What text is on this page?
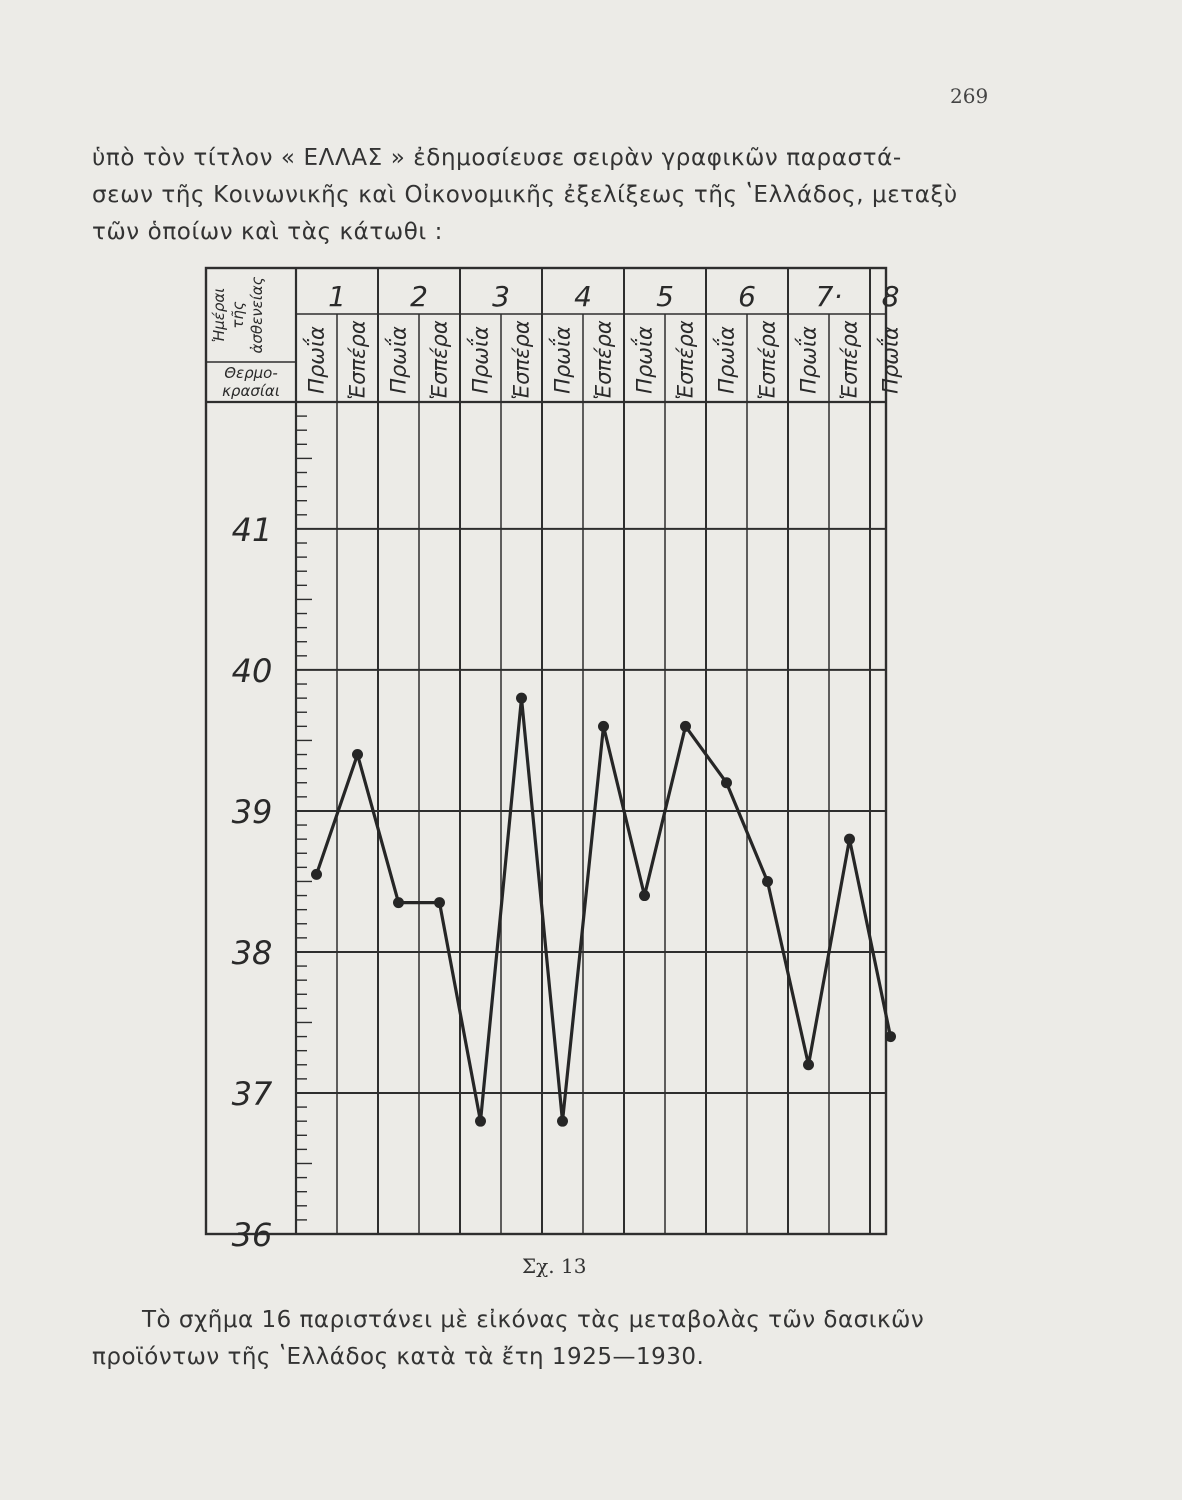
269
ὑπὸ τὸν τίτλον « ΕΛΛΑΣ » ἐδημοσίευσε σειρὰν γραφικῶν παραστά-
σεων τῆς Κοινωνικῆς καὶ Οἰκονομικῆς ἐξελίξεως τῆς ʽΕλλάδος, μεταξὺ
τῶν ὁποίων καὶ τὰς κάτωθι :
Ἡμέραι τῆς ἀσθενείας
Θερμο-
κρασίαι
1 2 3 4 5 6 7· 8
Πρωΐα Ἑσπέρα Πρωΐα Ἑσπέρα Πρωΐα Ἑσπέρα Πρωΐα Ἑσπέρα Πρωΐα Ἑσπέρα Πρωΐα Ἑσπέρα Πρωΐα Ἑσπέρα Πρωΐα
36
37
38
39
40
41
Σχ. 13
Τὸ σχῆμα 16 παριστάνει μὲ εἰκόνας τὰς μεταβολὰς τῶν δασικῶν
προϊόντων τῆς ʽΕλλάδος κατὰ τὰ ἔτη 1925—1930.
